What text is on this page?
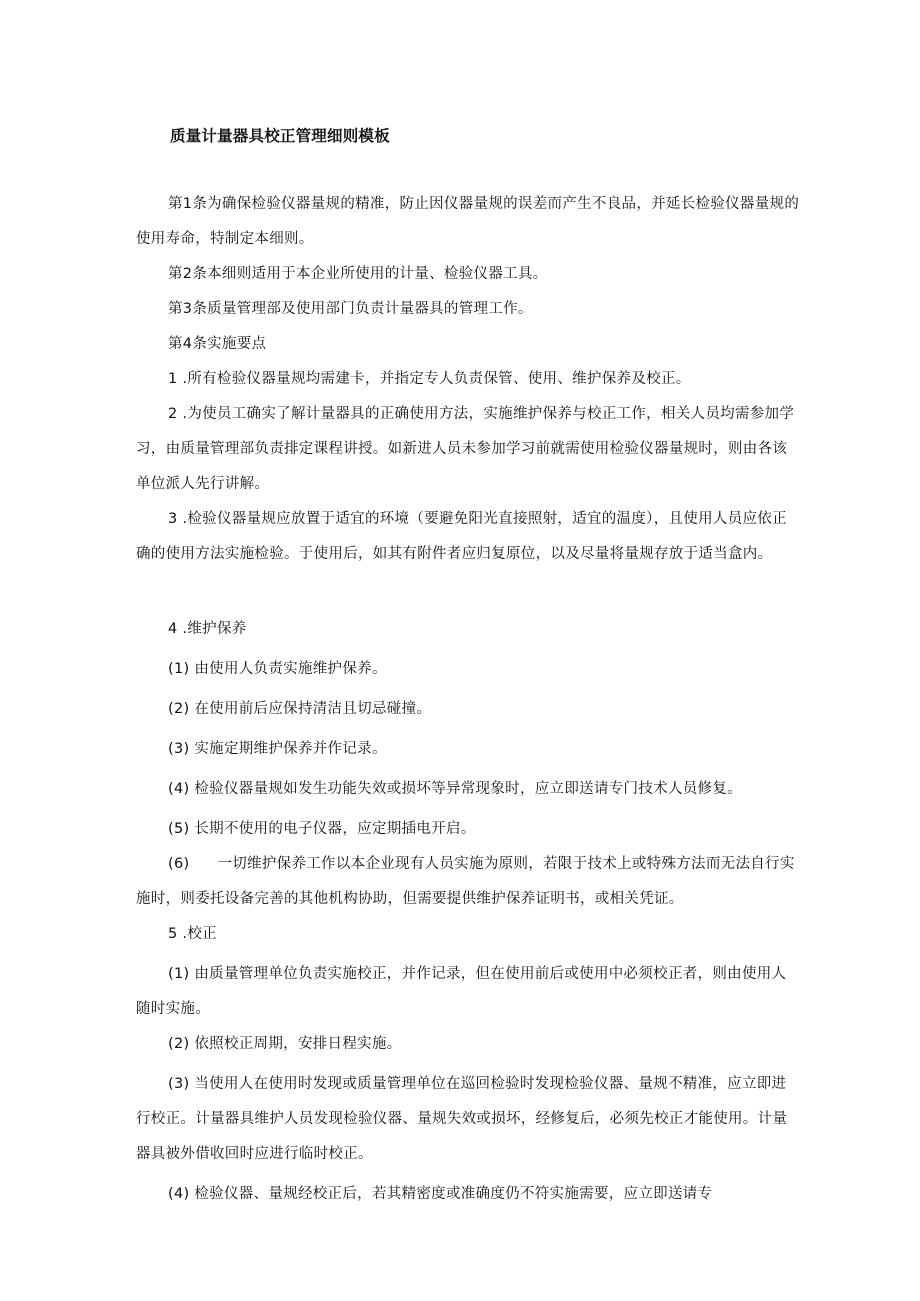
质量计量器具校正管理细则模板

第1条为确保检验仪器量规的精准，防止因仪器量规的误差而产生不良品，并延长检验仪器量规的使用寿命，特制定本细则。

第2条本细则适用于本企业所使用的计量、检验仪器工具。

第3条质量管理部及使用部门负责计量器具的管理工作。

第4条实施要点

1 .所有检验仪器量规均需建卡，并指定专人负责保管、使用、维护保养及校正。

2 .为使员工确实了解计量器具的正确使用方法，实施维护保养与校正工作，相关人员均需参加学习，由质量管理部负责排定课程讲授。如新进人员未参加学习前就需使用检验仪器量规时，则由各该单位派人先行讲解。

3 .检验仪器量规应放置于适宜的环境（要避免阳光直接照射，适宜的温度），且使用人员应依正确的使用方法实施检验。于使用后，如其有附件者应归复原位，以及尽量将量规存放于适当盒内。

4 .维护保养

(1) 由使用人负责实施维护保养。

(2) 在使用前后应保持清洁且切忌碰撞。

(3) 实施定期维护保养并作记录。

(4) 检验仪器量规如发生功能失效或损坏等异常现象时，应立即送请专门技术人员修复。

(5) 长期不使用的电子仪器，应定期插电开启。

(6) 一切维护保养工作以本企业现有人员实施为原则，若限于技术上或特殊方法而无法自行实施时，则委托设备完善的其他机构协助，但需要提供维护保养证明书，或相关凭证。

5 .校正

(1) 由质量管理单位负责实施校正，并作记录，但在使用前后或使用中必须校正者，则由使用人随时实施。

(2) 依照校正周期，安排日程实施。

(3) 当使用人在使用时发现或质量管理单位在巡回检验时发现检验仪器、量规不精准，应立即进行校正。计量器具维护人员发现检验仪器、量规失效或损坏，经修复后，必须先校正才能使用。计量器具被外借收回时应进行临时校正。

(4) 检验仪器、量规经校正后，若其精密度或准确度仍不符实施需要，应立即送请专
